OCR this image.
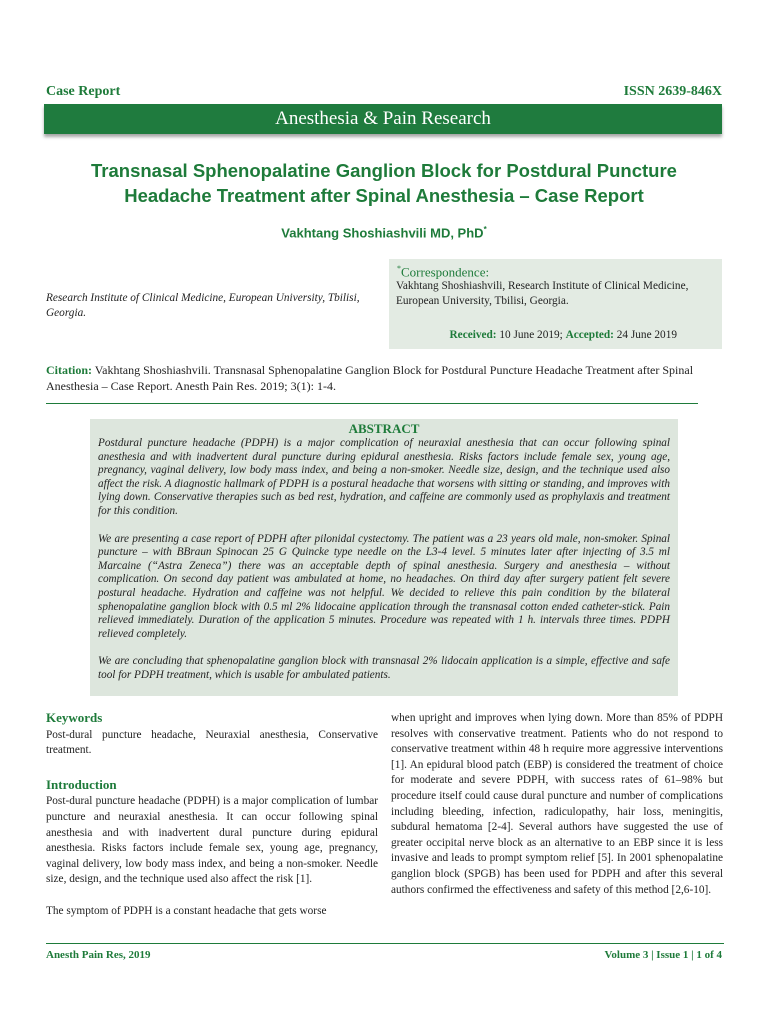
Case Report	ISSN 2639-846X
Anesthesia & Pain Research
Transnasal Sphenopalatine Ganglion Block for Postdural Puncture
Headache Treatment after Spinal Anesthesia – Case Report
Vakhtang Shoshiashvili MD, PhD*
Research Institute of Clinical Medicine, European University, Tbilisi, Georgia.
*Correspondence:
Vakhtang Shoshiashvili, Research Institute of Clinical Medicine, European University, Tbilisi, Georgia.
Received: 10 June 2019; Accepted: 24 June 2019
Citation: Vakhtang Shoshiashvili. Transnasal Sphenopalatine Ganglion Block for Postdural Puncture Headache Treatment after Spinal Anesthesia – Case Report. Anesth Pain Res. 2019; 3(1): 1-4.
ABSTRACT

Postdural puncture headache (PDPH) is a major complication of neuraxial anesthesia that can occur following spinal anesthesia and with inadvertent dural puncture during epidural anesthesia. Risks factors include female sex, young age, pregnancy, vaginal delivery, low body mass index, and being a non-smoker. Needle size, design, and the technique used also affect the risk. A diagnostic hallmark of PDPH is a postural headache that worsens with sitting or standing, and improves with lying down. Conservative therapies such as bed rest, hydration, and caffeine are commonly used as prophylaxis and treatment for this condition.

We are presenting a case report of PDPH after pilonidal cystectomy. The patient was a 23 years old male, non-smoker. Spinal puncture – with BBraun Spinocan 25 G Quincke type needle on the L3-4 level. 5 minutes later after injecting of 3.5 ml Marcaine (“Astra Zeneca”) there was an acceptable depth of spinal anesthesia. Surgery and anesthesia – without complication. On second day patient was ambulated at home, no headaches. On third day after surgery patient felt severe postural headache. Hydration and caffeine was not helpful. We decided to relieve this pain condition by the bilateral sphenopalatine ganglion block with 0.5 ml 2% lidocaine application through the transnasal cotton ended catheter-stick. Pain relieved immediately. Duration of the application 5 minutes. Procedure was repeated with 1 h. intervals three times. PDPH relieved completely.

We are concluding that sphenopalatine ganglion block with transnasal 2% lidocain application is a simple, effective and safe tool for PDPH treatment, which is usable for ambulated patients.

Keywords

Post-dural puncture headache, Neuraxial anesthesia, Conservative treatment.

Introduction

Post-dural puncture headache (PDPH) is a major complication of lumbar puncture and neuraxial anesthesia. It can occur following spinal anesthesia and with inadvertent dural puncture during epidural anesthesia. Risks factors include female sex, young age, pregnancy, vaginal delivery, low body mass index, and being a non-smoker. Needle size, design, and the technique used also affect the risk [1].

The symptom of PDPH is a constant headache that gets worse

when upright and improves when lying down. More than 85% of PDPH resolves with conservative treatment. Patients who do not respond to conservative treatment within 48 h require more aggressive interventions [1]. An epidural blood patch (EBP) is considered the treatment of choice for moderate and severe PDPH, with success rates of 61–98% but procedure itself could cause dural puncture and number of complications including bleeding, infection, radiculopathy, hair loss, meningitis, subdural hematoma [2-4]. Several authors have suggested the use of greater occipital nerve block as an alternative to an EBP since it is less invasive and leads to prompt symptom relief [5]. In 2001 sphenopalatine ganglion block (SPGB) has been used for PDPH and after this several authors confirmed the effectiveness and safety of this method [2,6-10].

Anesth Pain Res, 2019	Volume 3 | Issue 1 | 1 of 4
